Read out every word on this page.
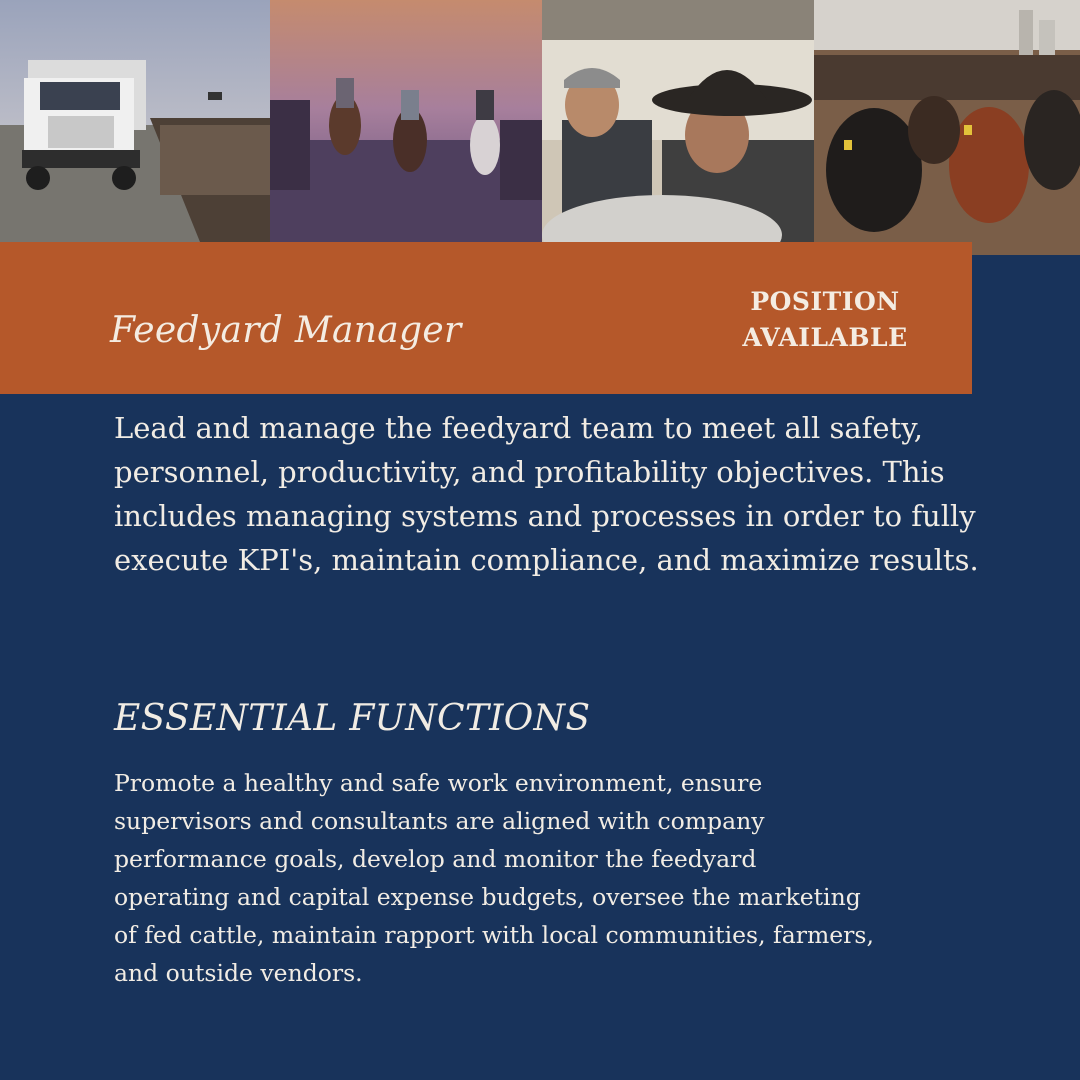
Feedyard Manager
POSITION
AVAILABLE

Lead and manage the feedyard team to meet all safety, personnel, productivity, and profitability objectives. This includes managing systems and processes in order to fully execute KPI's, maintain compliance, and maximize results.

ESSENTIAL FUNCTIONS

Promote a healthy and safe work environment, ensure supervisors and consultants are aligned with company performance goals, develop and monitor the feedyard operating and capital expense budgets, oversee the marketing of fed cattle, maintain rapport with local communities, farmers, and outside vendors.
